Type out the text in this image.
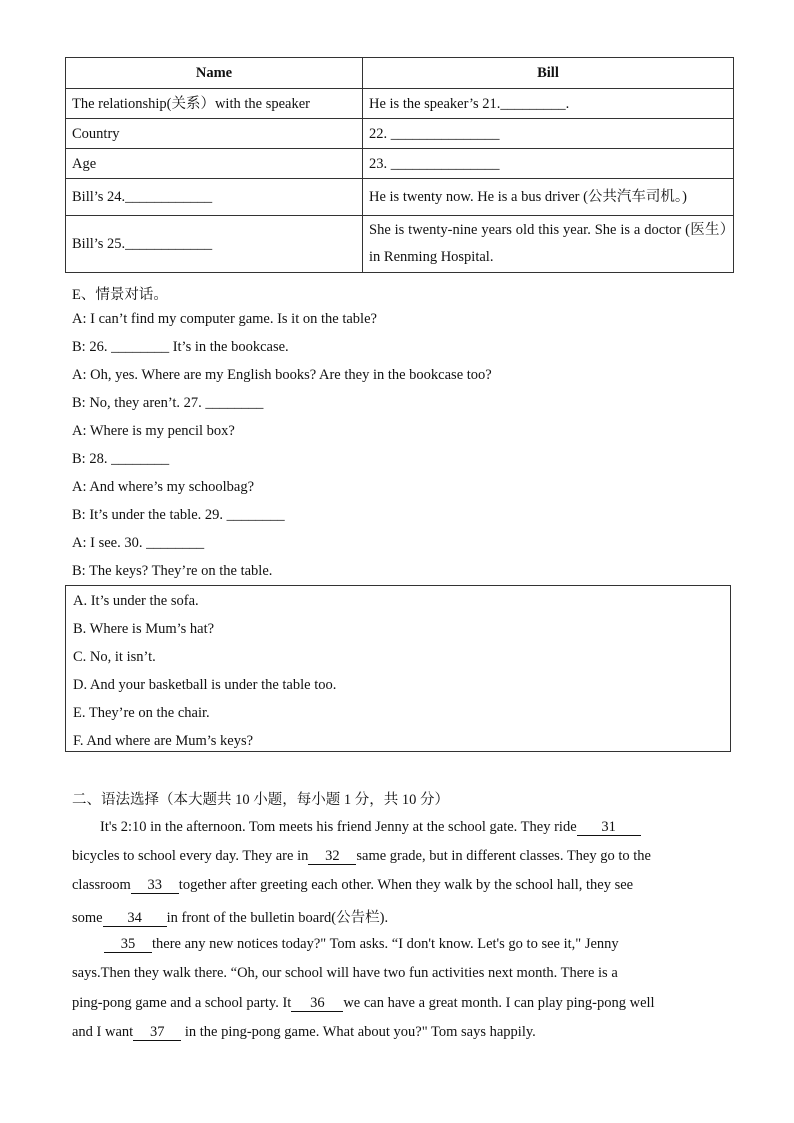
Name	Bill
The relationship(关系）with the speaker	He is the speaker’s 21._________.
Country	22. _______________
Age	23. _______________
Bill’s 24.____________	He is twenty now. He is a bus driver (公共汽车司机。)
Bill’s 25.____________	She is twenty-nine years old this year. She is a doctor (医生）in Renming Hospital.
E、情景对话。
A: I can’t find my computer game. Is it on the table?
B: 26. ________ It’s in the bookcase.
A: Oh, yes. Where are my English books? Are they in the bookcase too?
B: No, they aren’t. 27. ________
A: Where is my pencil box?
B: 28. ________
A: And where’s my schoolbag?
B: It’s under the table. 29. ________
A: I see. 30. ________
B: The keys? They’re on the table.
A. It’s under the sofa.
B. Where is Mum’s hat?
C. No, it isn’t.
D. And your basketball is under the table too.
E. They’re on the chair.
F. And where are Mum’s keys?
二、语法选择（本大题共 10 小题，每小题 1 分，共 10 分）
It's 2:10 in the afternoon. Tom meets his friend Jenny at the school gate. They ride 31
bicycles to school every day. They are in 32 same grade, but in different classes. They go to the
classroom 33 together after greeting each other. When they walk by the school hall, they see
some 34 in front of the bulletin board(公告栏).
35 there any new notices today?" Tom asks. “I don't know. Let's go to see it," Jenny
says.Then they walk there. “Oh, our school will have two fun activities next month. There is a
ping-pong game and a school party. It 36 we can have a great month. I can play ping-pong well
and I want 37 in the ping-pong game. What about you?" Tom says happily.
